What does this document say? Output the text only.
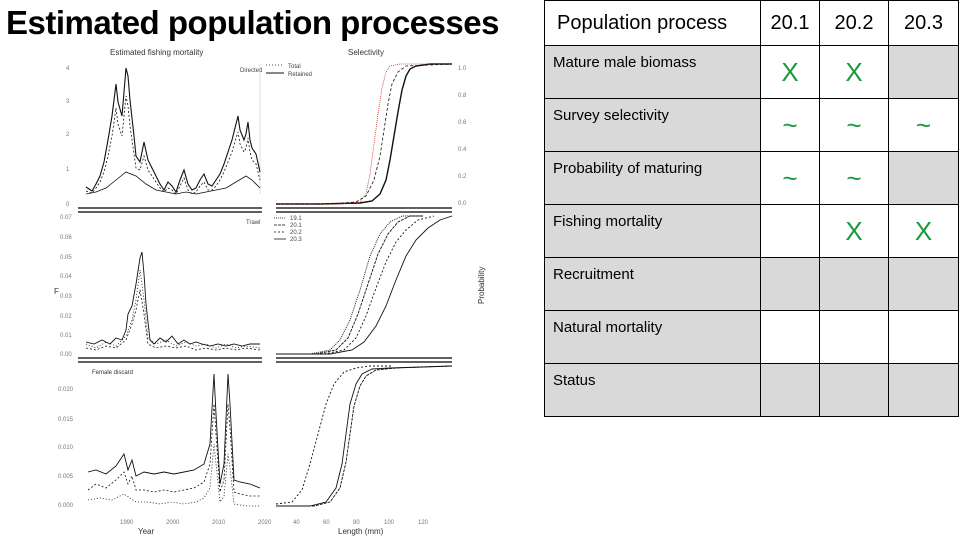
Estimated population processes
Estimated fishing mortality	Selectivity
Directed
Total
Retained
Trawl
19.1
20.1
20.2
20.3
Female discard
4
3
2
1
0
0.07
0.06
0.05
0.04
0.03
0.02
0.01
0.00
0.020
0.015
0.010
0.005
0.000
1.0
0.8
0.6
0.4
0.2
0.0
F	Probability
1990	2000	2010	2020	40	60	80	100	120
Year	Length (mm)
Population process	20.1	20.2	20.3
Mature male biomass	X	X	
Survey selectivity	~	~	~
Probability of maturing	~	~	
Fishing mortality		X	X
Recruitment			
Natural mortality			
Status			
